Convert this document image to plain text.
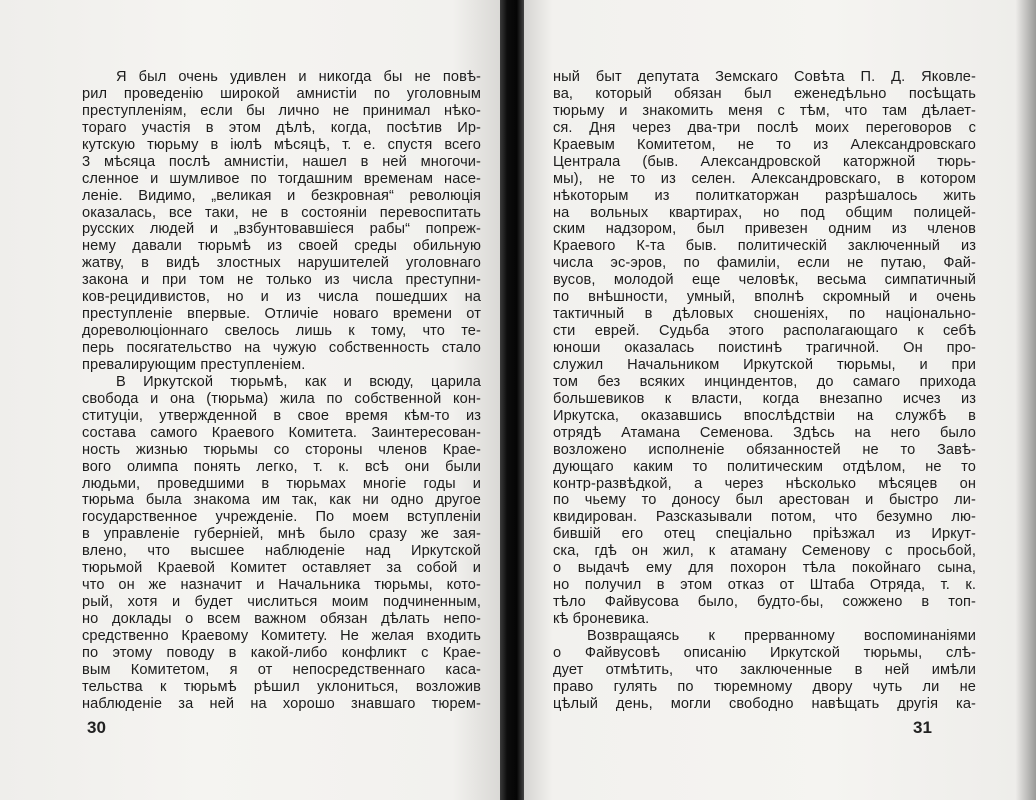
Я был очень удивлен и никогда бы не повѣ-
рил проведенiю широкой амнистiи по уголовным
преступленiям, если бы лично не принимал нѣко-
тораго участiя в этом дѣлѣ, когда, посѣтив Ир-
кутскую тюрьму в iюлѣ мѣсяцѣ, т. е. спустя всего
3 мѣсяца послѣ амнистiи, нашел в ней многочи-
сленное и шумливое по тогдашним временам насе-
ленiе. Видимо, „великая и безкровная“ революцiя
оказалась, все таки, не в состоянiи перевоспитать
русских людей и „взбунтовавшiеся рабы“ попреж-
нему давали тюрьмѣ из своей среды обильную
жатву, в видѣ злостных нарушителей уголовнаго
закона и при том не только из числа преступни-
ков-рецидивистов, но и из числа пошедших на
преступленiе впервые. Отличiе новаго времени от
дореволюцiоннаго свелось лишь к тому, что те-
перь посягательство на чужую собственность стало
превалирующим преступленiем.
В Иркутской тюрьмѣ, как и всюду, царила
свобода и она (тюрьма) жила по собственной кон-
ституцiи, утвержденной в свое время кѣм-то из
состава самого Краевого Комитета. Заинтересован-
ность жизнью тюрьмы со стороны членов Крае-
вого олимпа понять легко, т. к. всѣ они были
людьми, проведшими в тюрьмах многiе годы и
тюрьма была знакома им так, как ни одно другое
государственное учрежденiе. По моем вступленiи
в управленiе губернiей, мнѣ было сразу же зая-
влено, что высшее наблюденiе над Иркутской
тюрьмой Краевой Комитет оставляет за собой и
что он же назначит и Начальника тюрьмы, кото-
рый, хотя и будет числиться моим подчиненным,
но доклады о всем важном обязан дѣлать непо-
средственно Краевому Комитету. Не желая входить
по этому поводу в какой-либо конфликт с Крае-
вым Комитетом, я от непосредственнаго каса-
тельства к тюрьмѣ рѣшил уклониться, возложив
наблюденiе за ней на хорошо знавшаго тюрем-
ный быт депутата Земскаго Совѣта П. Д. Яковле-
ва, который обязан был еженедѣльно посѣщать
тюрьму и знакомить меня с тѣм, что там дѣлает-
ся. Дня через два-три послѣ моих переговоров с
Краевым Комитетом, не то из Александровскаго
Централа (быв. Александровской каторжной тюрь-
мы), не то из селен. Александровскаго, в котором
нѣкоторым из политкаторжан разрѣшалось жить
на вольных квартирах, но под общим полицей-
ским надзором, был привезен одним из членов
Краевого К-та быв. политическiй заключенный из
числа эс-эров, по фамилiи, если не путаю, Фай-
вусов, молодой еще человѣк, весьма симпатичный
по внѣшности, умный, вполнѣ скромный и очень
тактичный в дѣловых сношенiях, по нацiонально-
сти еврей. Судьба этого располагающаго к себѣ
юноши оказалась поистинѣ трагичной. Он про-
служил Начальником Иркутской тюрьмы, и при
том без всяких инциндентов, до самаго прихода
большевиков к власти, когда внезапно исчез из
Иркутска, оказавшись впослѣдствiи на службѣ в
отрядѣ Атамана Семенова. Здѣсь на него было
возложено исполненiе обязанностей не то Завѣ-
дующаго каким то политическим отдѣлом, не то
контр-развѣдкой, а через нѣсколько мѣсяцев он
по чьему то доносу был арестован и быстро ли-
квидирован. Разсказывали потом, что безумно лю-
бившiй его отец спецiально прiѣзжал из Иркут-
ска, гдѣ он жил, к атаману Семенову с просьбой,
о выдачѣ ему для похорон тѣла покойнаго сына,
но получил в этом отказ от Штаба Отряда, т. к.
тѣло Файвусова было, будто-бы, сожжено в топ-
кѣ броневика.
Возвращаясь к прерванному воспоминанiями
о Файвусовѣ описанiю Иркутской тюрьмы, слѣ-
дует отмѣтить, что заключенные в ней имѣли
право гулять по тюремному двору чуть ли не
цѣлый день, могли свободно навѣщать другiя ка-
30	31
